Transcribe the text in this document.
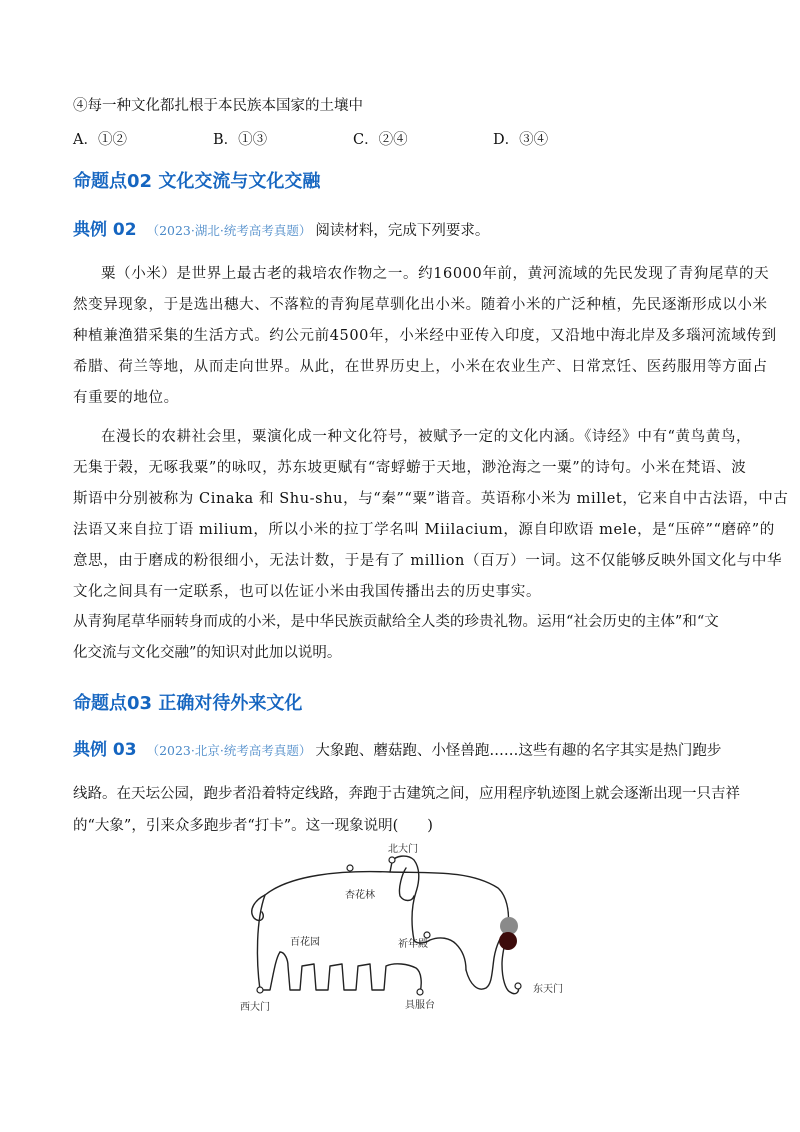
④每一种文化都扎根于本民族本国家的土壤中
A．①②	B．①③	C．②④	D．③④
命题点02 文化交流与文化交融
典例 02 （2023·湖北·统考高考真题） 阅读材料，完成下列要求。
粟（小米）是世界上最古老的栽培农作物之一。约16000年前，黄河流域的先民发现了青狗尾草的天
然变异现象，于是选出穗大、不落粒的青狗尾草驯化出小米。随着小米的广泛种植，先民逐渐形成以小米
种植兼渔猎采集的生活方式。约公元前4500年，小米经中亚传入印度，又沿地中海北岸及多瑙河流域传到
希腊、荷兰等地，从而走向世界。从此，在世界历史上，小米在农业生产、日常烹饪、医药服用等方面占
有重要的地位。
在漫长的农耕社会里，粟演化成一种文化符号，被赋予一定的文化内涵。《诗经》中有“黄鸟黄鸟，
无集于榖，无啄我粟”的咏叹，苏东坡更赋有“寄蜉蝣于天地，渺沧海之一粟”的诗句。小米在梵语、波
斯语中分别被称为 Cinaka 和 Shu-shu，与“秦”“粟”谐音。英语称小米为 millet，它来自中古法语，中古
法语又来自拉丁语 milium，所以小米的拉丁学名叫 Miilacium，源自印欧语 mele，是“压碎”“磨碎”的
意思，由于磨成的粉很细小，无法计数，于是有了 million（百万）一词。这不仅能够反映外国文化与中华
文化之间具有一定联系，也可以佐证小米由我国传播出去的历史事实。
从青狗尾草华丽转身而成的小米，是中华民族贡献给全人类的珍贵礼物。运用“社会历史的主体”和“文
化交流与文化交融”的知识对此加以说明。
命题点03 正确对待外来文化
典例 03 （2023·北京·统考高考真题） 大象跑、蘑菇跑、小怪兽跑……这些有趣的名字其实是热门跑步
线路。在天坛公园，跑步者沿着特定线路，奔跑于古建筑之间，应用程序轨迹图上就会逐渐出现一只吉祥
的“大象”，引来众多跑步者“打卡”。这一现象说明(　　)
北大门
杏花林
百花园	祈年殿
东天门
西大门	具服台
